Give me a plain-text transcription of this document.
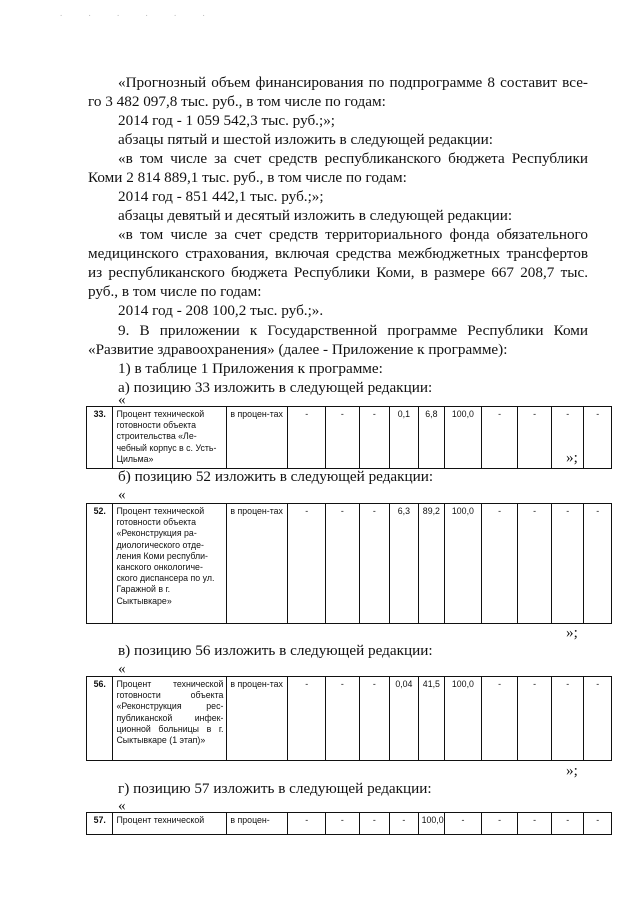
. . . . . .
«Прогнозный объем финансирования по подпрограмме 8 составит все-
го 3 482 097,8 тыс. руб., в том числе по годам:
2014 год - 1 059 542,3 тыс. руб.;»;
абзацы пятый и шестой изложить в следующей редакции:
«в том числе за счет средств республиканского бюджета Республики
Коми 2 814 889,1 тыс. руб., в том числе по годам:
2014 год - 851 442,1 тыс. руб.;»;
абзацы девятый и десятый изложить в следующей редакции:
«в том числе за счет средств территориального фонда обязательного
медицинского страхования, включая средства межбюджетных трансфертов
из республиканского бюджета Республики Коми, в размере 667 208,7 тыс.
руб., в том числе по годам:
2014 год - 208 100,2 тыс. руб.;».
9. В приложении к Государственной программе Республики Коми
«Развитие здравоохранения» (далее - Приложение к программе):
1) в таблице 1 Приложения к программе:
а) позицию 33 изложить в следующей редакции:
«
33.	Процент технической готовности объекта строительства «Ле-чебный корпус в с. Усть-Цильма»	в процен-тах	-	-	-	0,1	6,8	100,0	-	-	-	-
»;
б) позицию 52 изложить в следующей редакции:
«
52.	Процент технической готовности объекта «Реконструкция ра-диологического отде-ления Коми республи-канского онкологиче-ского диспансера по ул. Гаражной в г. Сыктывкаре»	в процен-тах	-	-	-	6,3	89,2	100,0	-	-	-	-
»;
в) позицию 56 изложить в следующей редакции:
«
56.	Процент технической готовности объекта «Реконструкция рес-публиканской инфек-ционной больницы в г. Сыктывкаре (1 этап)»	в процен-тах	-	-	-	0,04	41,5	100,0	-	-	-	-
»;
г) позицию 57 изложить в следующей редакции:
«
57.	Процент технической	в процен-	-	-	-	-	100,0	-	-	-	-	-
